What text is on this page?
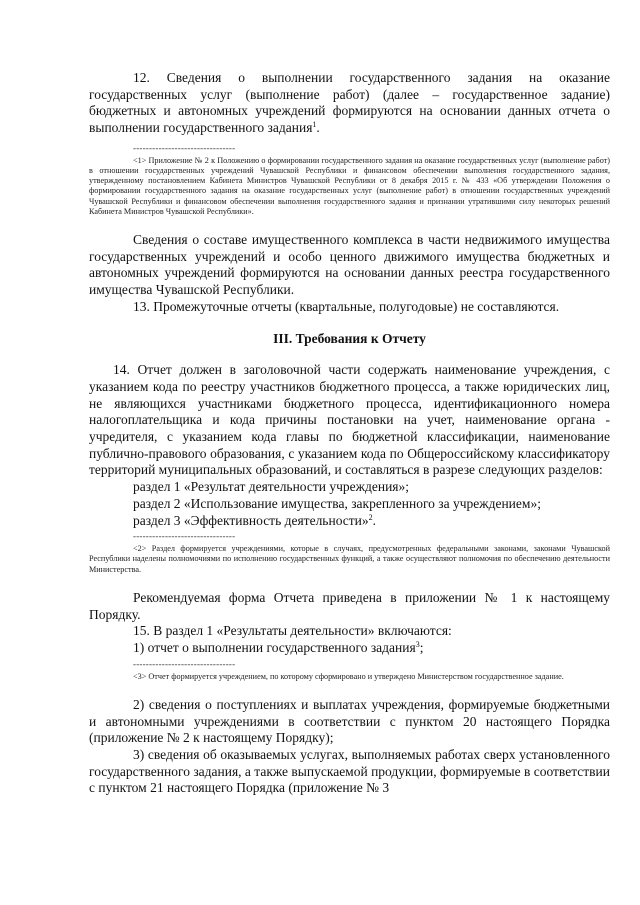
12. Сведения о выполнении государственного задания на оказание государственных услуг (выполнение работ) (далее – государственное задание) бюджетных и автономных учреждений формируются на основании данных отчета о выполнении государственного задания$^1$.

--------------------------------

<1> Приложение № 2 к Положению о формировании государственного задания на оказание государственных услуг (выполнение работ) в отношении государственных учреждений Чувашской Республики и финансовом обеспечении выполнения государственного задания, утвержденному постановлением Кабинета Министров Чувашской Республики от 8 декабря 2015 г. № 433 «Об утверждении Положения о формировании государственного задания на оказание государственных услуг (выполнение работ) в отношении государственных учреждений Чувашской Республики и финансовом обеспечении выполнения государственного задания и признании утратившими силу некоторых решений Кабинета Министров Чувашской Республики».

Сведения о составе имущественного комплекса в части недвижимого имущества государственных учреждений и особо ценного движимого имущества бюджетных и автономных учреждений формируются на основании данных реестра государственного имущества Чувашской Республики.

13. Промежуточные отчеты (квартальные, полугодовые) не составляются.

III. Требования к Отчету

14. Отчет должен в заголовочной части содержать наименование учреждения, с указанием кода по реестру участников бюджетного процесса, а также юридических лиц, не являющихся участниками бюджетного процесса, идентификационного номера налогоплательщика и кода причины постановки на учет, наименование органа - учредителя, с указанием кода главы по бюджетной классификации, наименование публично-правового образования, с указанием кода по Общероссийскому классификатору территорий муниципальных образований, и составляться в разрезе следующих разделов:

раздел 1 «Результат деятельности учреждения»;

раздел 2 «Использование имущества, закрепленного за учреждением»;

раздел 3 «Эффективность деятельности»$^2$.

--------------------------------

<2> Раздел формируется учреждениями, которые в случаях, предусмотренных федеральными законами, законами Чувашской Республики наделены полномочиями по исполнению государственных функций, а также осуществляют полномочия по обеспечению деятельности Министерства.

Рекомендуемая форма Отчета приведена в приложении № 1 к настоящему Порядку.

15. В раздел 1 «Результаты деятельности» включаются:

1) отчет о выполнении государственного задания$^3$;

--------------------------------

<3> Отчет формируется учреждением, по которому сформировано и утверждено Министерством государственное задание.

2) сведения о поступлениях и выплатах учреждения, формируемые бюджетными и автономными учреждениями в соответствии с пунктом 20 настоящего Порядка (приложение № 2 к настоящему Порядку);

3) сведения об оказываемых услугах, выполняемых работах сверх установленного государственного задания, а также выпускаемой продукции, формируемые в соответствии с пунктом 21 настоящего Порядка (приложение № 3
